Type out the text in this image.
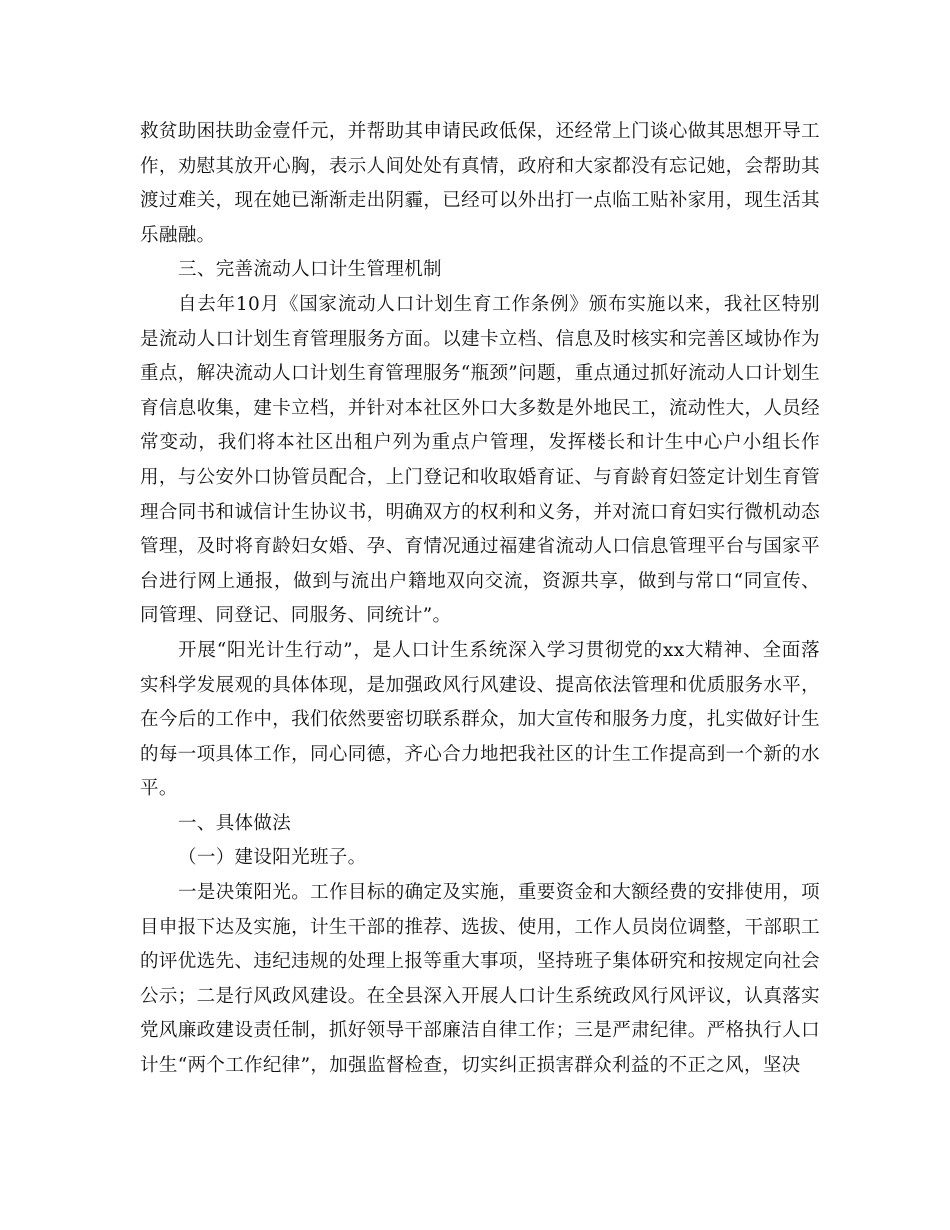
救贫助困扶助金壹仟元，并帮助其申请民政低保，还经常上门谈心做其思想开导工作，劝慰其放开心胸，表示人间处处有真情，政府和大家都没有忘记她，会帮助其渡过难关，现在她已渐渐走出阴霾，已经可以外出打一点临工贴补家用，现生活其乐融融。

三、完善流动人口计生管理机制

自去年10月《国家流动人口计划生育工作条例》颁布实施以来，我社区特别是流动人口计划生育管理服务方面。以建卡立档、信息及时核实和完善区域协作为重点，解决流动人口计划生育管理服务“瓶颈”问题，重点通过抓好流动人口计划生育信息收集，建卡立档，并针对本社区外口大多数是外地民工，流动性大，人员经常变动，我们将本社区出租户列为重点户管理，发挥楼长和计生中心户小组长作用，与公安外口协管员配合，上门登记和收取婚育证、与育龄育妇签定计划生育管理合同书和诚信计生协议书，明确双方的权利和义务，并对流口育妇实行微机动态管理，及时将育龄妇女婚、孕、育情况通过福建省流动人口信息管理平台与国家平台进行网上通报，做到与流出户籍地双向交流，资源共享，做到与常口“同宣传、同管理、同登记、同服务、同统计”。

开展“阳光计生行动”，是人口计生系统深入学习贯彻党的xx大精神、全面落实科学发展观的具体体现，是加强政风行风建设、提高依法管理和优质服务水平，在今后的工作中，我们依然要密切联系群众，加大宣传和服务力度，扎实做好计生的每一项具体工作，同心同德，齐心合力地把我社区的计生工作提高到一个新的水平。

一、具体做法

（一）建设阳光班子。

一是决策阳光。工作目标的确定及实施，重要资金和大额经费的安排使用，项目申报下达及实施，计生干部的推荐、选拔、使用，工作人员岗位调整，干部职工的评优选先、违纪违规的处理上报等重大事项，坚持班子集体研究和按规定向社会公示；二是行风政风建设。在全县深入开展人口计生系统政风行风评议，认真落实党风廉政建设责任制，抓好领导干部廉洁自律工作；三是严肃纪律。严格执行人口计生“两个工作纪律”，加强监督检查，切实纠正损害群众利益的不正之风，坚决
